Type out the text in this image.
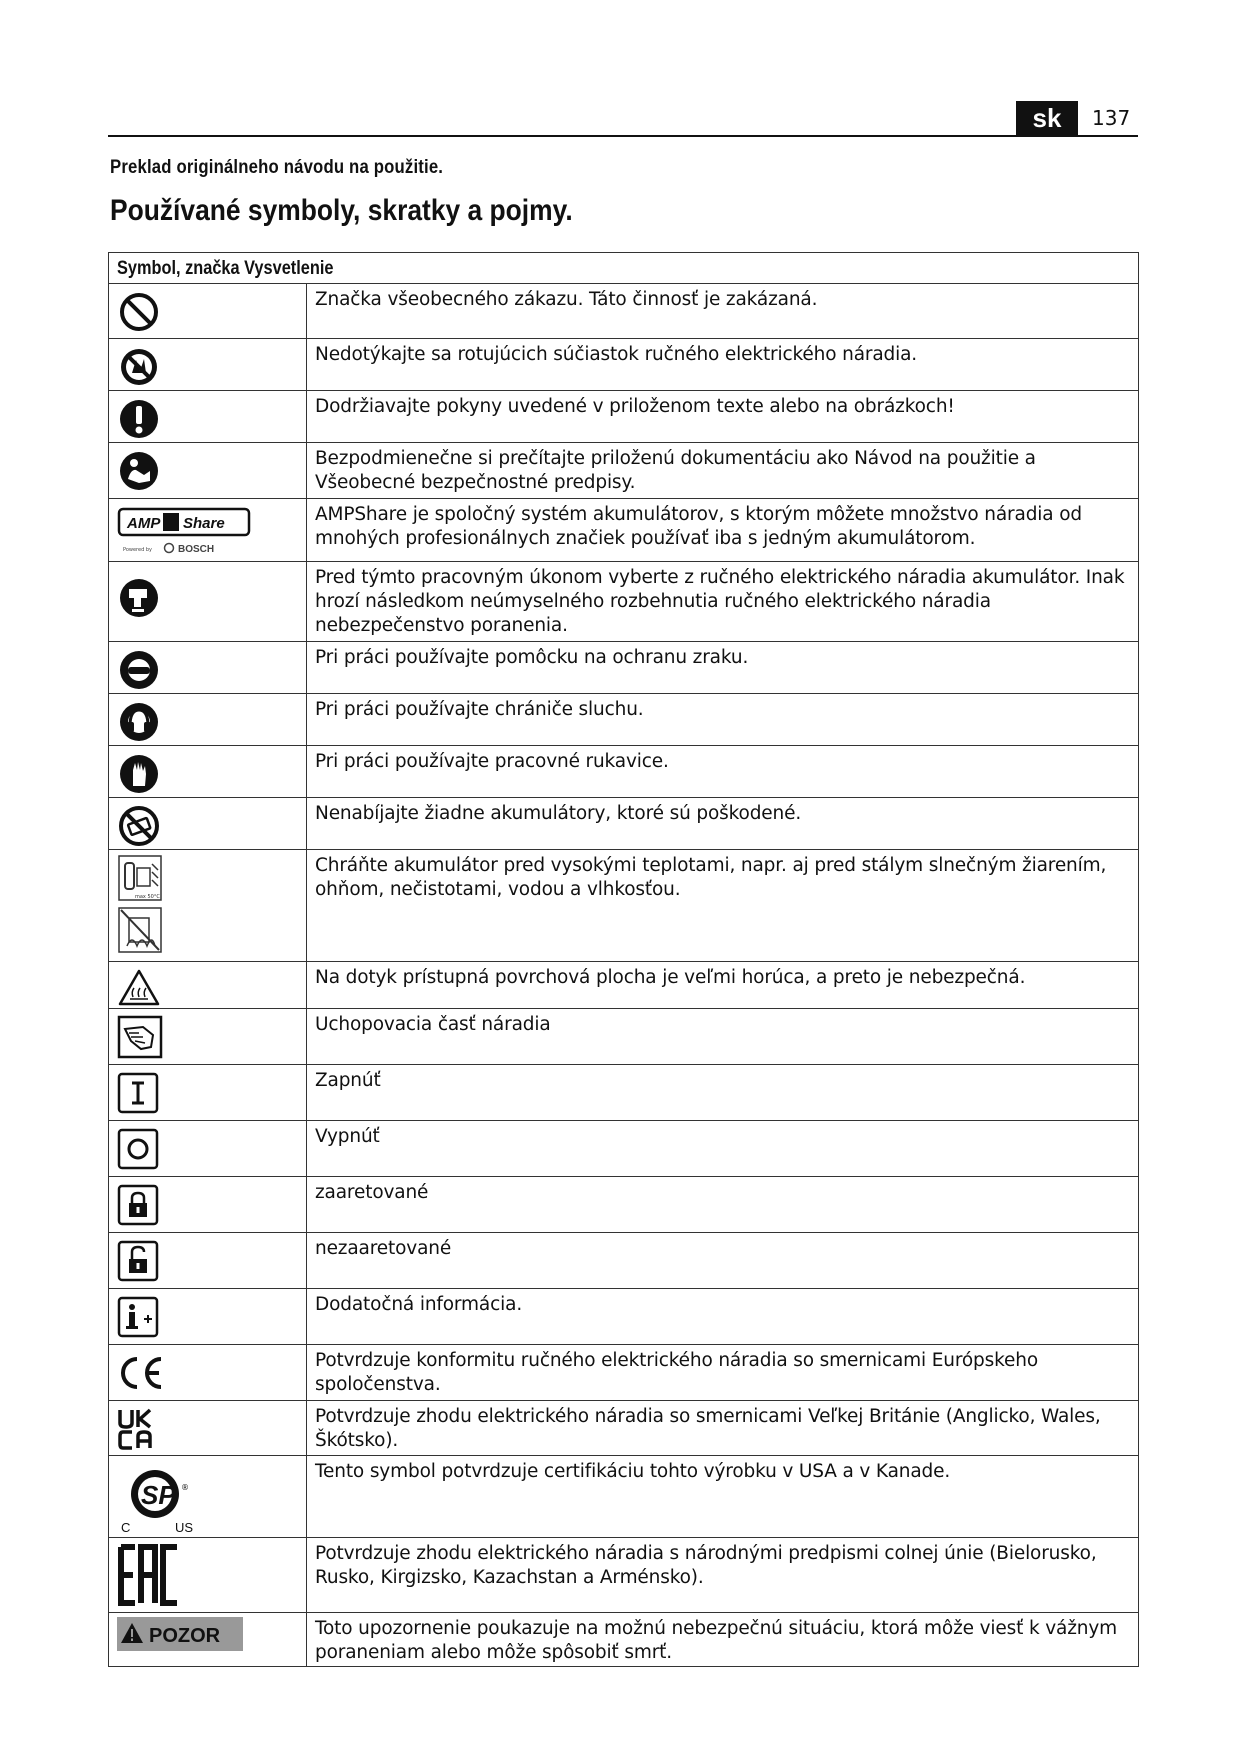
sk	137
Preklad originálneho návodu na použitie.
Používané symboly, skratky a pojmy.
Symbol, značka Vysvetlenie
Značka všeobecného zákazu. Táto činnosť je zakázaná.
Nedotýkajte sa rotujúcich súčiastok ručného elektrického náradia.
Dodržiavajte pokyny uvedené v priloženom texte alebo na obrázkoch!
Bezpodmienečne si prečítajte priloženú dokumentáciu ako Návod na použitie a Všeobecné bezpečnostné predpisy.
AMP Share
Powered by	BOSCH
AMPShare je spoločný systém akumulátorov, s ktorým môžete množstvo náradia od mnohých profesionálnych značiek používať iba s jedným akumulátorom.
Pred týmto pracovným úkonom vyberte z ručného elektrického náradia akumulátor. Inak hrozí následkom neúmyselného rozbehnutia ručného elektrického náradia nebezpečenstvo poranenia.
Pri práci používajte pomôcku na ochranu zraku.
Pri práci používajte chrániče sluchu.
Pri práci používajte pracovné rukavice.
Nenabíjajte žiadne akumulátory, ktoré sú poškodené.
max 50°C
Chráňte akumulátor pred vysokými teplotami, napr. aj pred stálym slnečným žiarením, ohňom, nečistotami, vodou a vlhkosťou.
Na dotyk prístupná povrchová plocha je veľmi horúca, a preto je nebezpečná.
Uchopovacia časť náradia
Zapnúť
Vypnúť
zaaretované
nezaaretované
Dodatočná informácia.
Potvrdzuje konformitu ručného elektrického náradia so smernicami Európskeho spoločenstva.
Potvrdzuje zhodu elektrického náradia so smernicami Veľkej Británie (Anglicko, Wales, Škótsko).
SP ®
C	US
Tento symbol potvrdzuje certifikáciu tohto výrobku v USA a v Kanade.
Potvrdzuje zhodu elektrického náradia s národnými predpismi colnej únie (Bielorusko, Rusko, Kirgizsko, Kazachstan a Arménsko).
POZOR	Toto upozornenie poukazuje na možnú nebezpečnú situáciu, ktorá môže viesť k vážnym poraneniam alebo môže spôsobiť smrť.
